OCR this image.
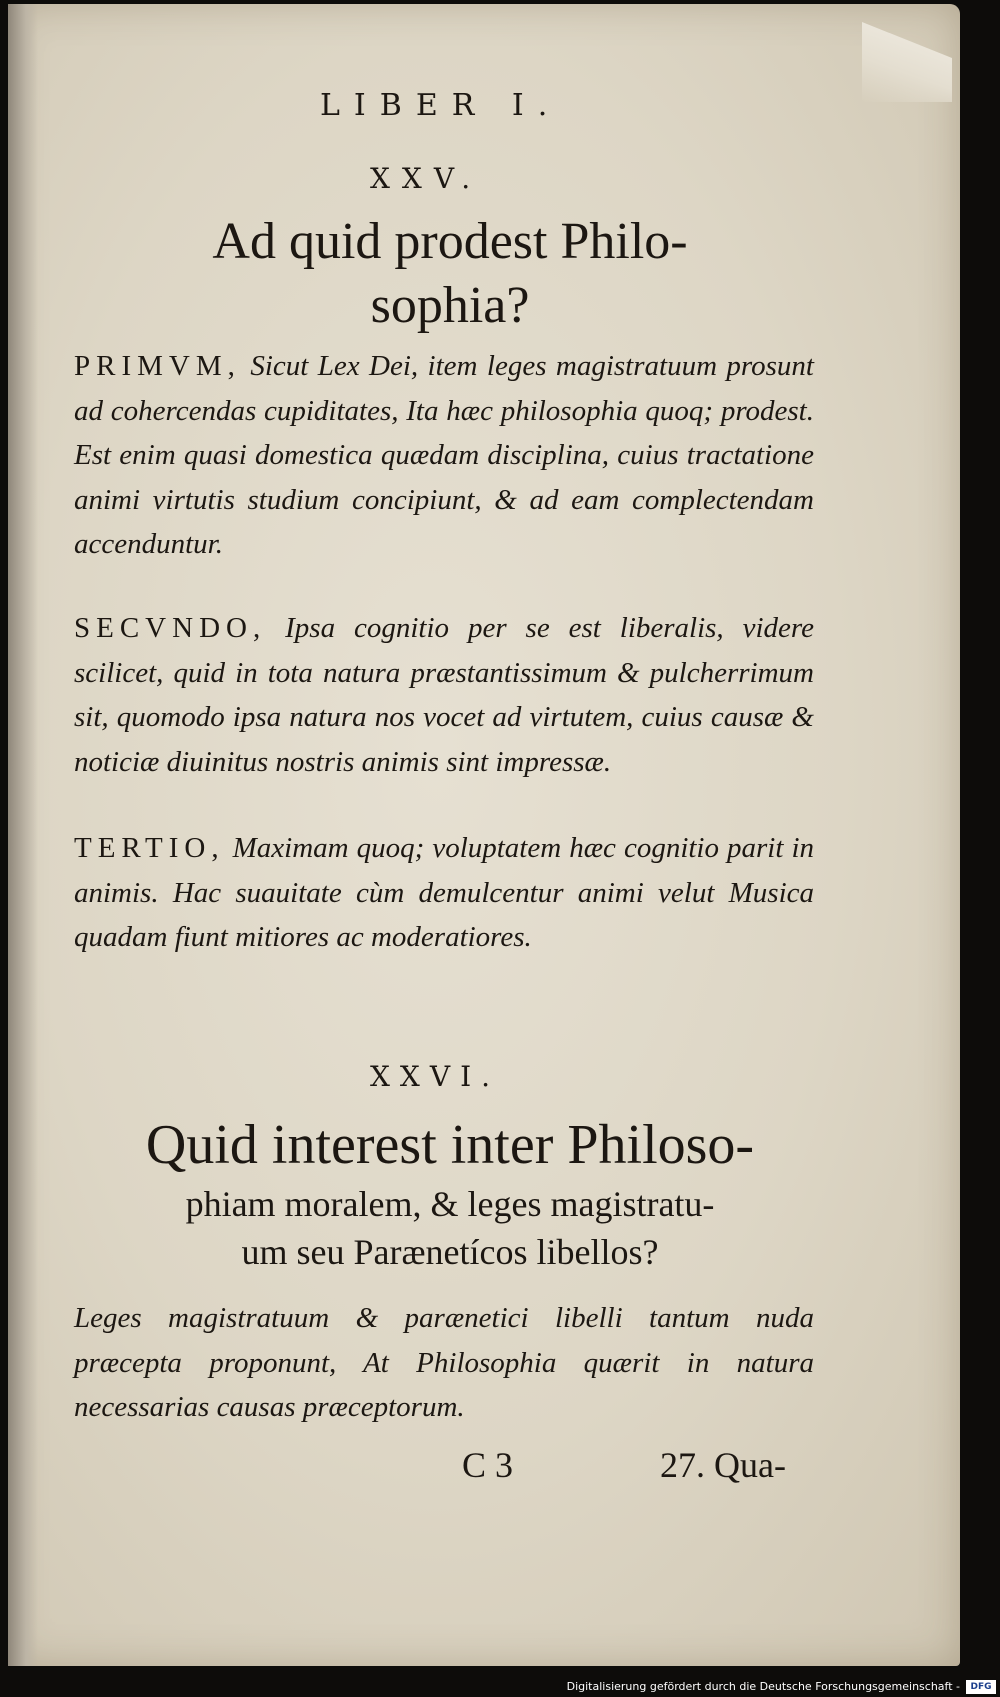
LIBER I.
XXV.
Ad quid prodest Philo-
sophia?
PRIMVM, Sicut Lex Dei, item leges magistratuum prosunt ad cohercendas cupiditates, Ita hæc philosophia quoq; prodest. Est enim quasi domestica quædam disciplina, cuius tractatione animi virtutis studium concipiunt, & ad eam complectendam accenduntur.
SECVNDO, Ipsa cognitio per se est liberalis, videre scilicet, quid in tota natura præstantissimum & pulcherrimum sit, quomodo ipsa natura nos vocet ad virtutem, cuius causæ & noticiæ diuinitus nostris animis sint impressæ.
TERTIO, Maximam quoq; voluptatem hæc cognitio parit in animis. Hac suauitate cùm demulcentur animi velut Musica quadam fiunt mitiores ac moderatiores.
XXVI.
Quid interest inter Philoso-
phiam moralem, & leges magistratu-
um seu Parænetícos libellos?
Leges magistratuum & parænetici libelli tantum nuda præcepta proponunt, At Philosophia quærit in natura necessarias causas præceptorum.
C 3	27. Qua-
Digitalisierung gefördert durch die Deutsche Forschungsgemeinschaft -	DFG
